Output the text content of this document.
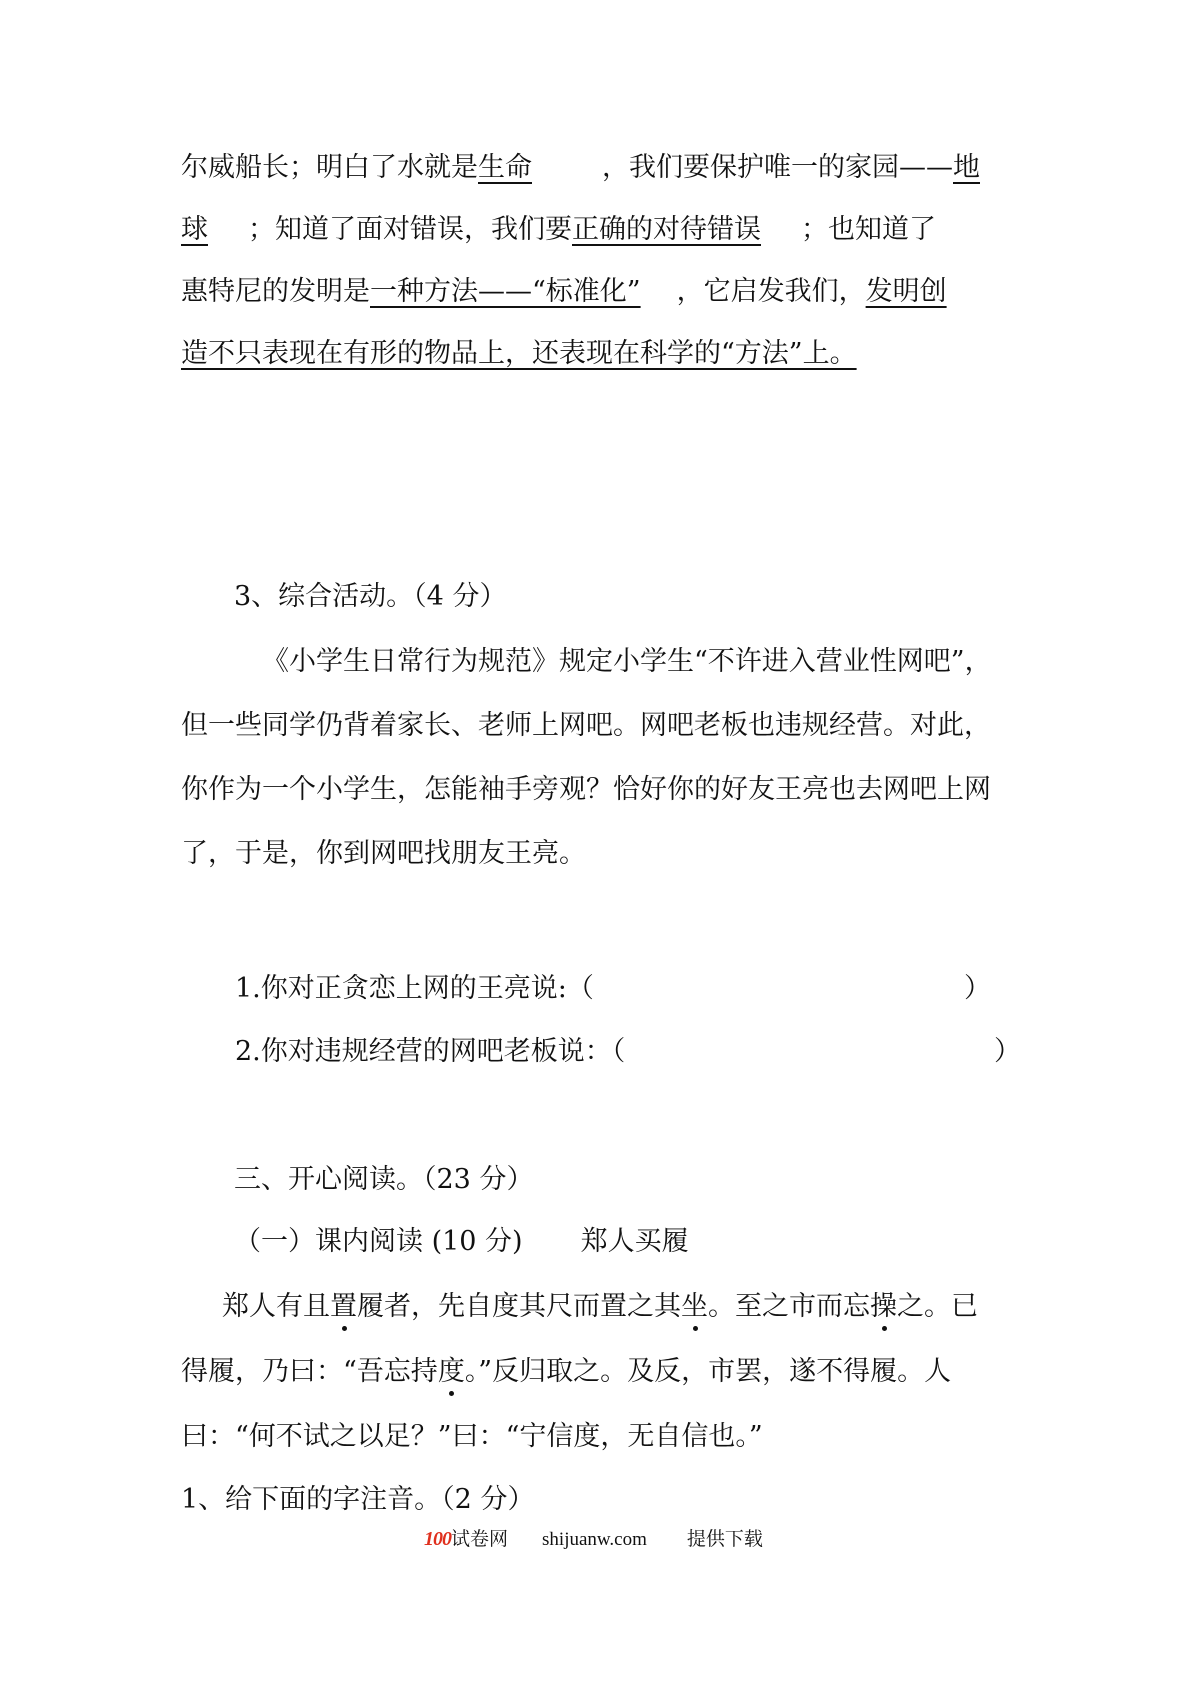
尔威船长；明白了水就是生命	，我们要保护唯一的家园——地
球 ；知道了面对错误，我们要正确的对待错误 ；也知道了
惠特尼的发明是一种方法——“标准化” ，它启发我们，发明创
造不只表现在有形的物品上，还表现在科学的“方法”上。
3、综合活动。（4 分）
《小学生日常行为规范》规定小学生“不许进入营业性网吧”，
但一些同学仍背着家长、老师上网吧。网吧老板也违规经营。对此，
你作为一个小学生，怎能袖手旁观？恰好你的好友王亮也去网吧上网
了，于是，你到网吧找朋友王亮。
1.你对正贪恋上网的王亮说:（	）
2.你对违规经营的网吧老板说：（	）
三、开心阅读。（23 分）
（一）课内阅读 (10 分) 郑人买履
郑人有且置履者，先自度其尺而置之其坐。至之市而忘操之。已
得履，乃曰：“吾忘持度。”反归取之。及反，市罢，遂不得履。人
曰：“何不试之以足？”曰：“宁信度，无自信也。”
1、给下面的字注音。（2 分）
100 试卷网 shijuanw.com 提供下载
